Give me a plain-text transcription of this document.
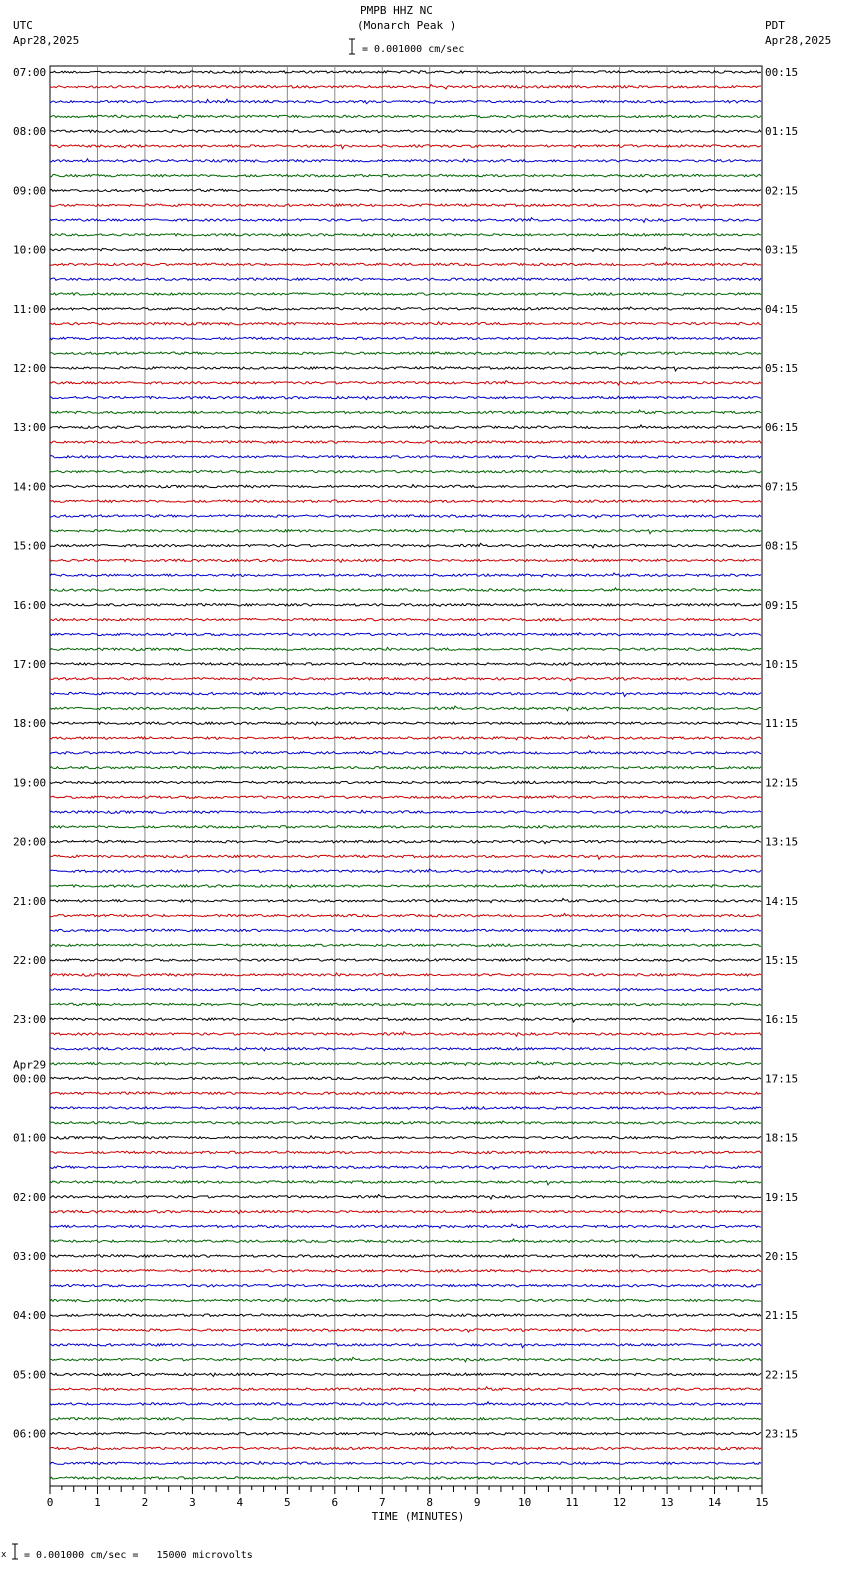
PMPB HHZ NC
(Monarch Peak )
UTC
Apr28,2025
PDT
Apr28,2025
= 0.001000 cm/sec
07:00
08:00
09:00
10:00
11:00
12:00
13:00
14:00
15:00
16:00
17:00
18:00
19:00
20:00
21:00
22:00
23:00
00:00
Apr29
01:00
02:00
03:00
04:00
05:00
06:00
00:15
01:15
02:15
03:15
04:15
05:15
06:15
07:15
08:15
09:15
10:15
11:15
12:15
13:15
14:15
15:15
16:15
17:15
18:15
19:15
20:15
21:15
22:15
23:15
0	1	2	3	4	5	6	7	8	9	10	11	12	13	14	15
TIME (MINUTES)
x = 0.001000 cm/sec =   15000 microvolts
